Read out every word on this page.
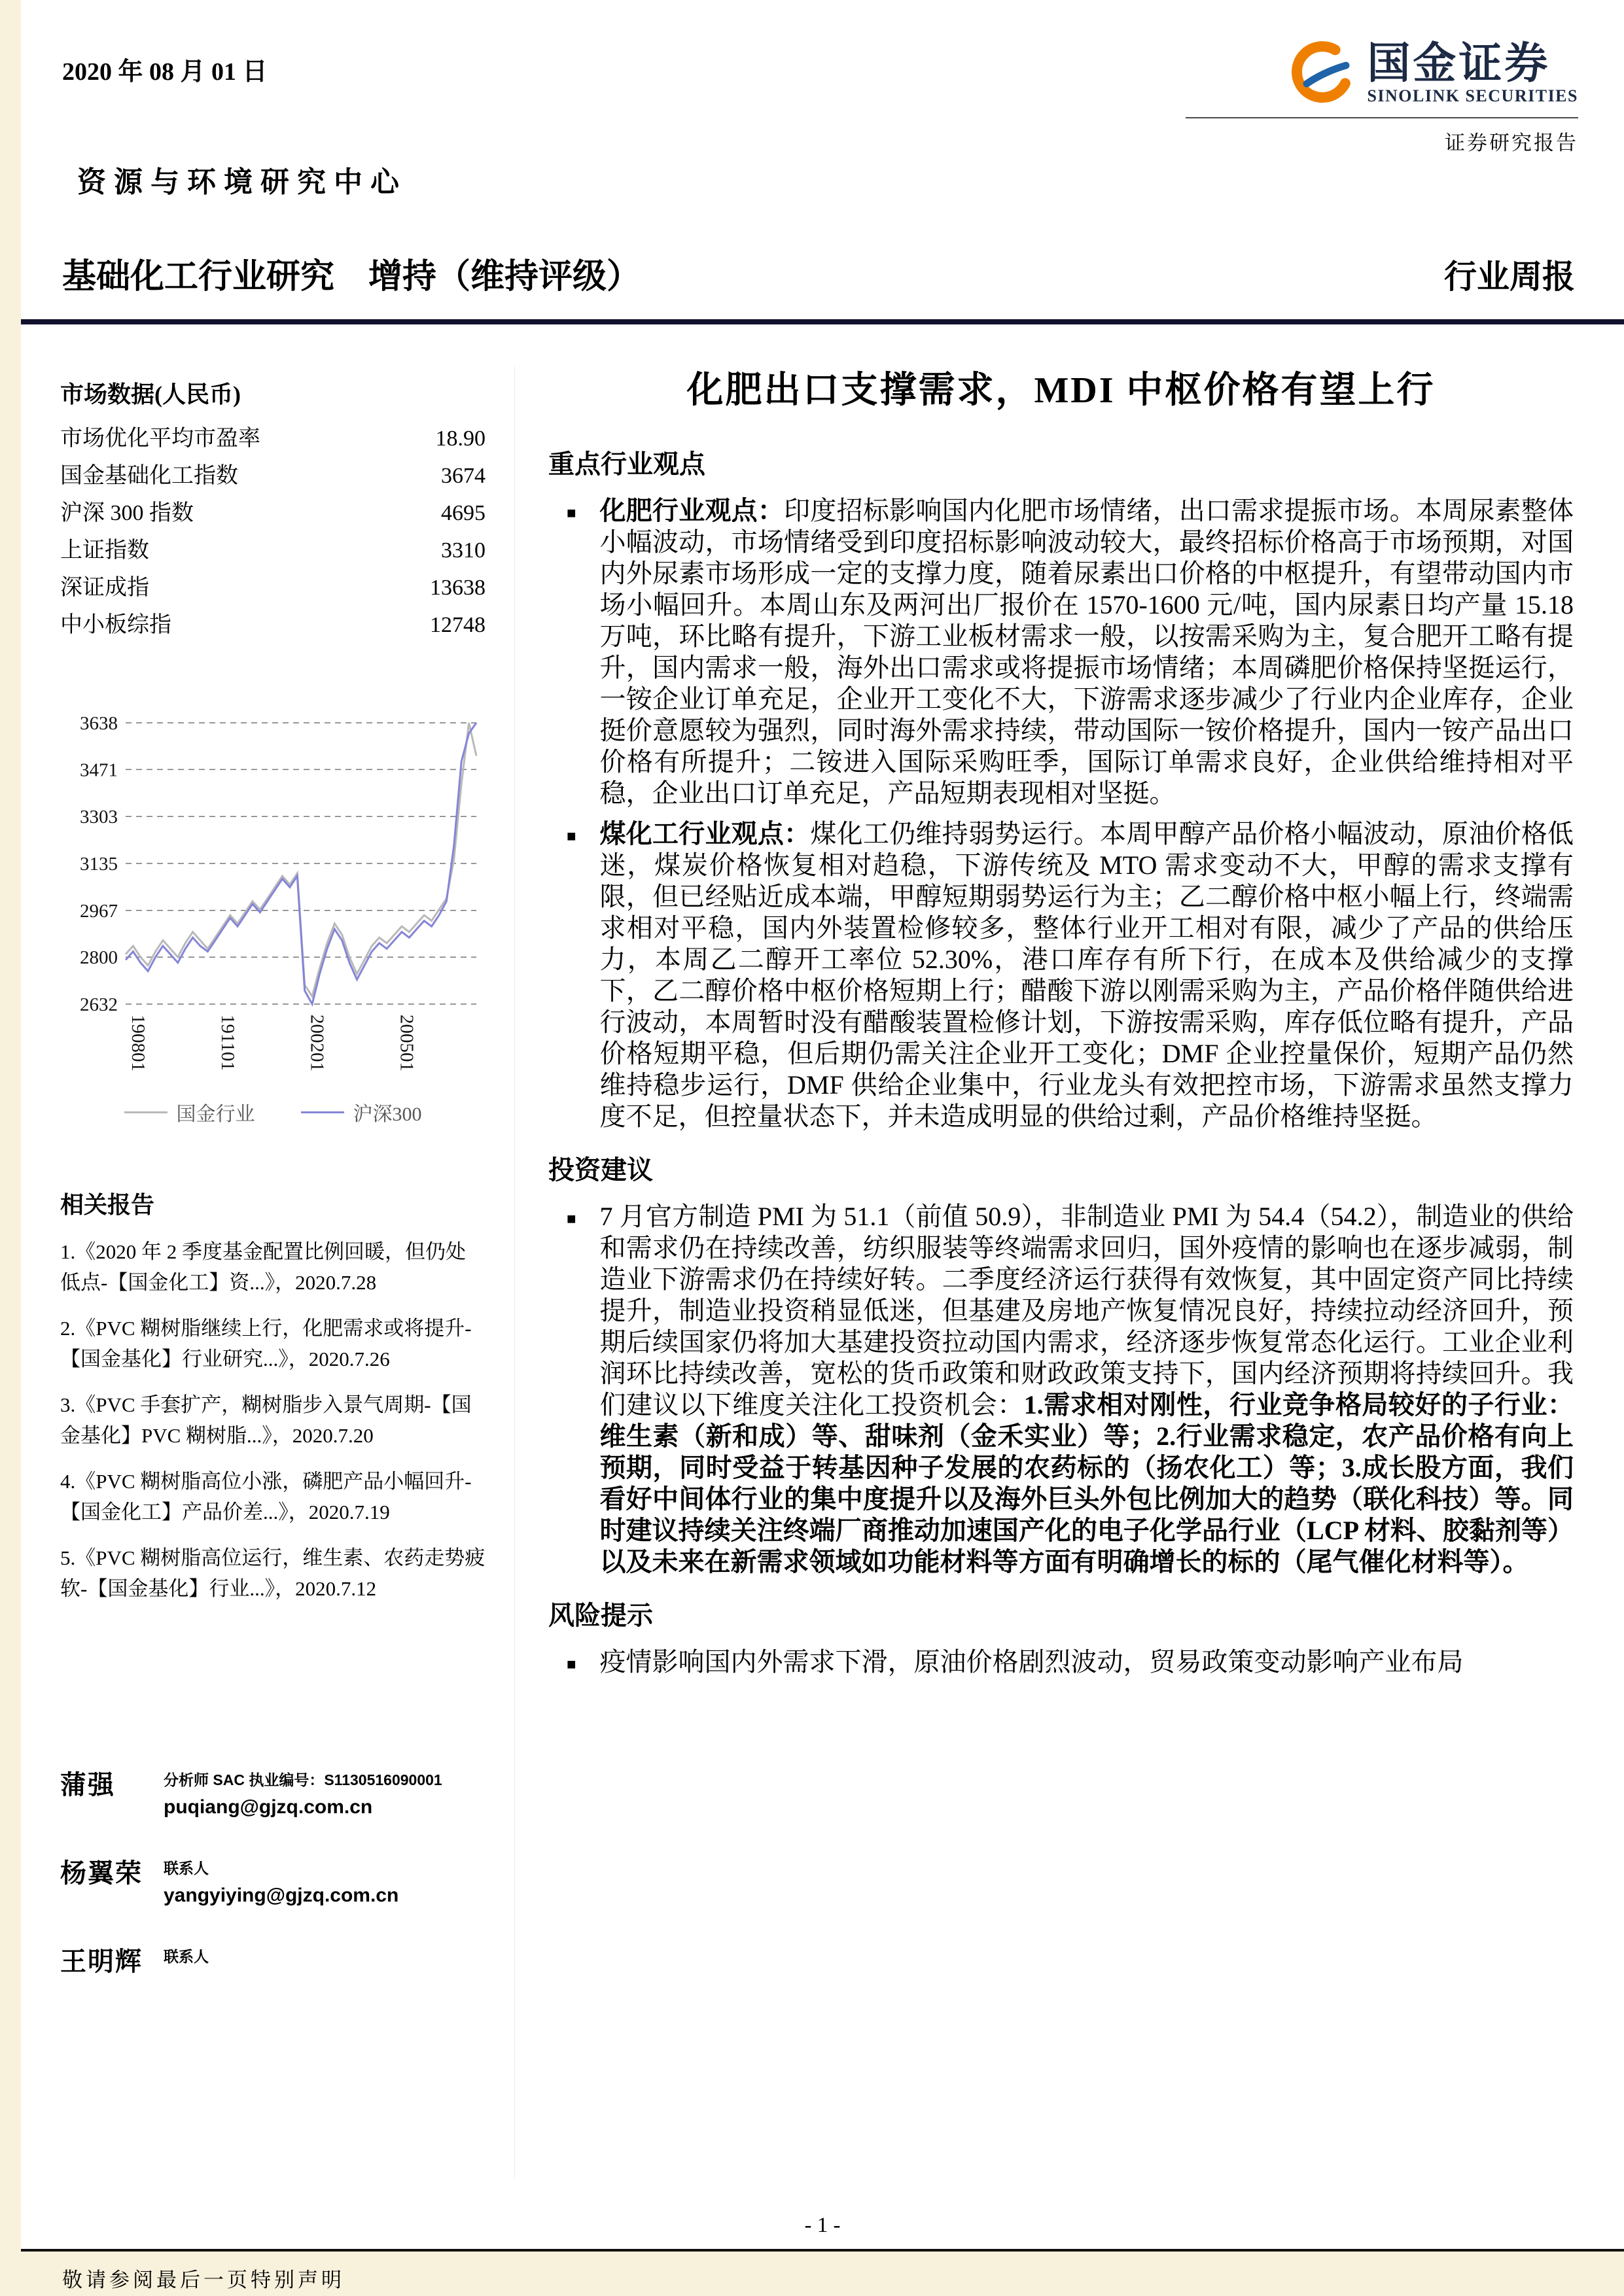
2020 年 08 月 01 日	国金证券
SINOLINK SECURITIES
证券研究报告
资源与环境研究中心
基础化工行业研究　增持（维持评级）	行业周报
市场数据(人民币)
市场优化平均市盈率	18.90
国金基础化工指数	3674
沪深 300 指数	4695
上证指数	3310
深证成指	13638
中小板综指	12748
3638
3471
3303
3135
2967
2800
2632
190801	191101	200201	200501
国金行业	沪深300
相关报告
1.《2020 年 2 季度基金配置比例回暖，但仍处低点-【国金化工】资...》，2020.7.28
2.《PVC 糊树脂继续上行，化肥需求或将提升-【国金基化】行业研究...》，2020.7.26
3.《PVC 手套扩产，糊树脂步入景气周期-【国金基化】PVC 糊树脂...》，2020.7.20
4.《PVC 糊树脂高位小涨，磷肥产品小幅回升-【国金化工】产品价差...》，2020.7.19
5.《PVC 糊树脂高位运行，维生素、农药走势疲软-【国金基化】行业...》，2020.7.12
蒲强	分析师 SAC 执业编号：S1130516090001
puqiang@gjzq.com.cn
杨翼荣	联系人
yangyiying@gjzq.com.cn
王明辉	联系人
化肥出口支撑需求，MDI 中枢价格有望上行
重点行业观点
■ 化肥行业观点：印度招标影响国内化肥市场情绪，出口需求提振市场。本周尿素整体小幅波动，市场情绪受到印度招标影响波动较大，最终招标价格高于市场预期，对国内外尿素市场形成一定的支撑力度，随着尿素出口价格的中枢提升，有望带动国内市场小幅回升。本周山东及两河出厂报价在 1570-1600 元/吨，国内尿素日均产量 15.18 万吨，环比略有提升，下游工业板材需求一般，以按需采购为主，复合肥开工略有提升，国内需求一般，海外出口需求或将提振市场情绪；本周磷肥价格保持坚挺运行，一铵企业订单充足，企业开工变化不大，下游需求逐步减少了行业内企业库存，企业挺价意愿较为强烈，同时海外需求持续，带动国际一铵价格提升，国内一铵产品出口价格有所提升；二铵进入国际采购旺季，国际订单需求良好，企业供给维持相对平稳，企业出口订单充足，产品短期表现相对坚挺。
■ 煤化工行业观点：煤化工仍维持弱势运行。本周甲醇产品价格小幅波动，原油价格低迷，煤炭价格恢复相对趋稳，下游传统及 MTO 需求变动不大，甲醇的需求支撑有限，但已经贴近成本端，甲醇短期弱势运行为主；乙二醇价格中枢小幅上行，终端需求相对平稳，国内外装置检修较多，整体行业开工相对有限，减少了产品的供给压力，本周乙二醇开工率位 52.30%，港口库存有所下行，在成本及供给减少的支撑下，乙二醇价格中枢价格短期上行；醋酸下游以刚需采购为主，产品价格伴随供给进行波动，本周暂时没有醋酸装置检修计划，下游按需采购，库存低位略有提升，产品价格短期平稳，但后期仍需关注企业开工变化；DMF 企业控量保价，短期产品仍然维持稳步运行，DMF 供给企业集中，行业龙头有效把控市场，下游需求虽然支撑力度不足，但控量状态下，并未造成明显的供给过剩，产品价格维持坚挺。
投资建议
■ 7 月官方制造 PMI 为 51.1（前值 50.9），非制造业 PMI 为 54.4（54.2），制造业的供给和需求仍在持续改善，纺织服装等终端需求回归，国外疫情的影响也在逐步减弱，制造业下游需求仍在持续好转。二季度经济运行获得有效恢复，其中固定资产同比持续提升，制造业投资稍显低迷，但基建及房地产恢复情况良好，持续拉动经济回升，预期后续国家仍将加大基建投资拉动国内需求，经济逐步恢复常态化运行。工业企业利润环比持续改善，宽松的货币政策和财政政策支持下，国内经济预期将持续回升。我们建议以下维度关注化工投资机会：1.需求相对刚性，行业竞争格局较好的子行业：维生素（新和成）等、甜味剂（金禾实业）等；2.行业需求稳定，农产品价格有向上预期，同时受益于转基因种子发展的农药标的（扬农化工）等；3.成长股方面，我们看好中间体行业的集中度提升以及海外巨头外包比例加大的趋势（联化科技）等。同时建议持续关注终端厂商推动加速国产化的电子化学品行业（LCP 材料、胶黏剂等）以及未来在新需求领域如功能材料等方面有明确增长的标的（尾气催化材料等）。
风险提示
■ 疫情影响国内外需求下滑，原油价格剧烈波动，贸易政策变动影响产业布局
- 1 -
敬请参阅最后一页特别声明
